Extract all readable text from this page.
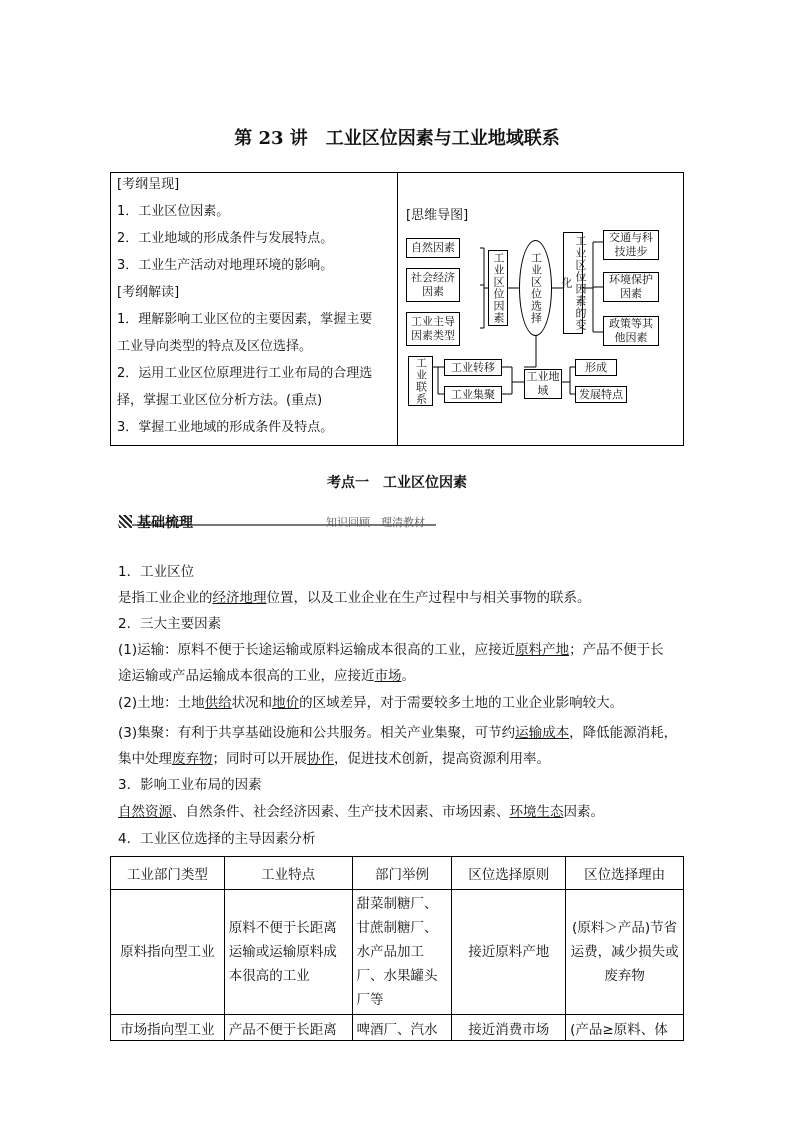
第 23 讲　工业区位因素与工业地域联系
[考纲呈现]
1．工业区位因素。
2．工业地域的形成条件与发展特点。
3．工业生产活动对地理环境的影响。
[考纲解读]
1．理解影响工业区位的主要因素，掌握主要
工业导向类型的特点及区位选择。
2．运用工业区位原理进行工业布局的合理选
择，掌握工业区位分析方法。(重点)
3．掌握工业地域的形成条件及特点。
[思维导图]
自然因素
社会经济因素
工业主导因素类型
工业区位因素 工业区位选择	工业区位因素的变化
交通与科技进步
环境保护因素
政策等其他因素
工业联系	工业转移
工业集聚
工业地域
形成
发展特点
考点一　工业区位因素
基础梳理	知识回顾　理清教材
1．工业区位
是指工业企业的经济地理位置，以及工业企业在生产过程中与相关事物的联系。
2．三大主要因素
(1)运输：原料不便于长途运输或原料运输成本很高的工业，应接近原料产地；产品不便于长
途运输或产品运输成本很高的工业，应接近市场。
(2)土地：土地供给状况和地价的区域差异，对于需要较多土地的工业企业影响较大。
(3)集聚：有利于共享基础设施和公共服务。相关产业集聚，可节约运输成本，降低能源消耗，
集中处理废弃物；同时可以开展协作，促进技术创新，提高资源利用率。
3．影响工业布局的因素
自然资源、自然条件、社会经济因素、生产技术因素、市场因素、环境生态因素。
4．工业区位选择的主导因素分析
工业部门类型	工业特点	部门举例	区位选择原则	区位选择理由
原料指向型工业	原料不便于长距离运输或运输原料成本很高的工业	甜菜制糖厂、甘蔗制糖厂、水产品加工厂、水果罐头厂等	接近原料产地	(原料＞产品)节省运费，减少损失或废弃物
市场指向型工业	产品不便于长距离	啤酒厂、汽水	接近消费市场	(产品≥原料、体
